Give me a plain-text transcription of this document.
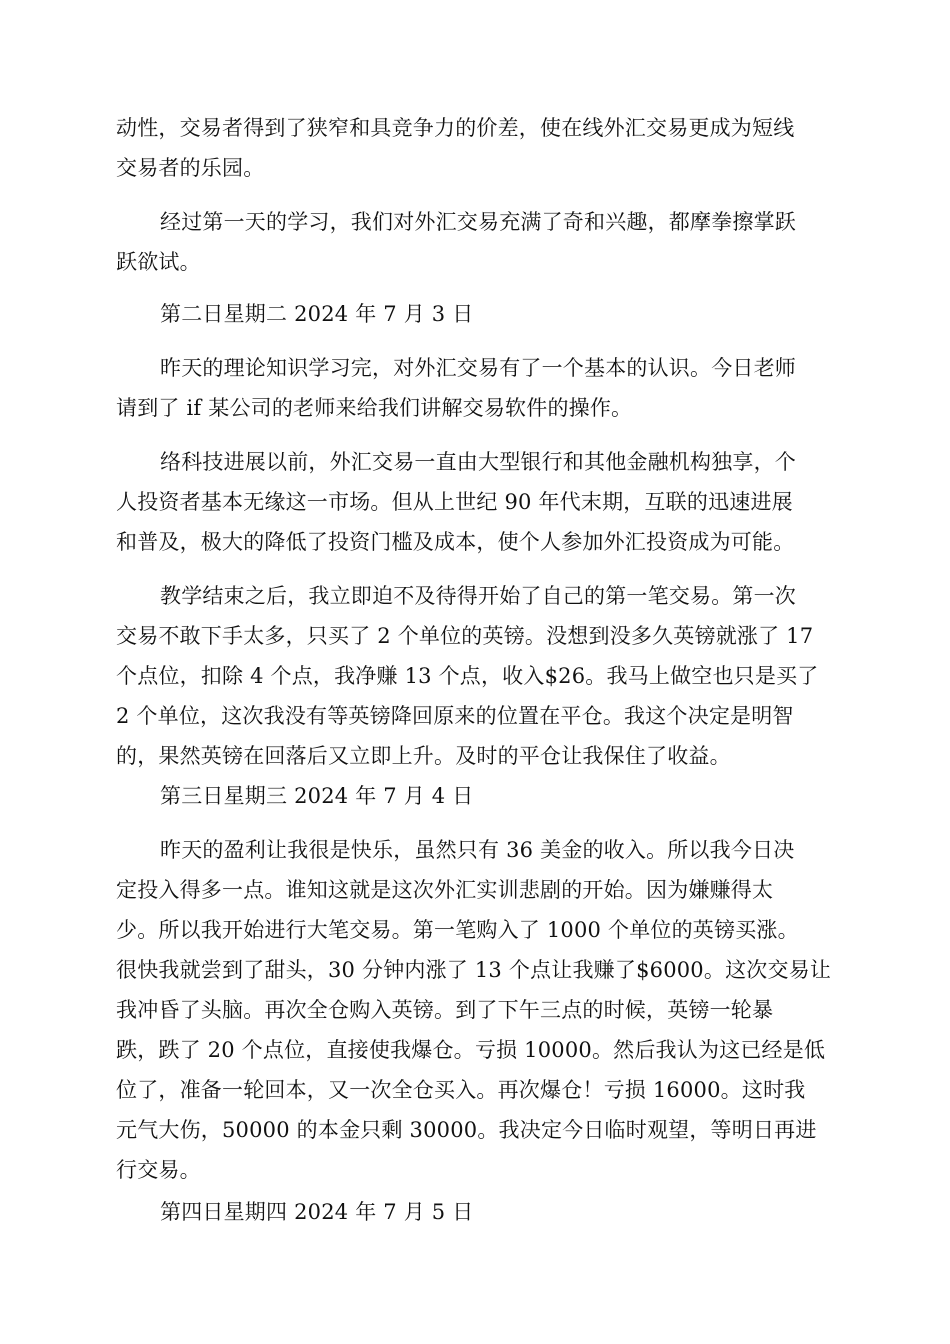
动性，交易者得到了狭窄和具竞争力的价差，使在线外汇交易更成为短线
交易者的乐园。

经过第一天的学习，我们对外汇交易充满了奇和兴趣，都摩拳擦掌跃
跃欲试。

第二日星期二 2024 年 7 月 3 日

昨天的理论知识学习完，对外汇交易有了一个基本的认识。今日老师
请到了 if 某公司的老师来给我们讲解交易软件的操作。

络科技进展以前，外汇交易一直由大型银行和其他金融机构独享，个
人投资者基本无缘这一市场。但从上世纪 90 年代末期，互联的迅速进展
和普及，极大的降低了投资门槛及成本，使个人参加外汇投资成为可能。

教学结束之后，我立即迫不及待得开始了自己的第一笔交易。第一次
交易不敢下手太多，只买了 2 个单位的英镑。没想到没多久英镑就涨了 17
个点位，扣除 4 个点，我净赚 13 个点，收入$26。我马上做空也只是买了
2 个单位，这次我没有等英镑降回原来的位置在平仓。我这个决定是明智
的，果然英镑在回落后又立即上升。及时的平仓让我保住了收益。

第三日星期三 2024 年 7 月 4 日

昨天的盈利让我很是快乐，虽然只有 36 美金的收入。所以我今日决
定投入得多一点。谁知这就是这次外汇实训悲剧的开始。因为嫌赚得太
少。所以我开始进行大笔交易。第一笔购入了 1000 个单位的英镑买涨。
很快我就尝到了甜头，30 分钟内涨了 13 个点让我赚了$6000。这次交易让
我冲昏了头脑。再次全仓购入英镑。到了下午三点的时候，英镑一轮暴
跌，跌了 20 个点位，直接使我爆仓。亏损 10000。然后我认为这已经是低
位了，准备一轮回本，又一次全仓买入。再次爆仓！亏损 16000。这时我
元气大伤，50000 的本金只剩 30000。我决定今日临时观望，等明日再进
行交易。

第四日星期四 2024 年 7 月 5 日
